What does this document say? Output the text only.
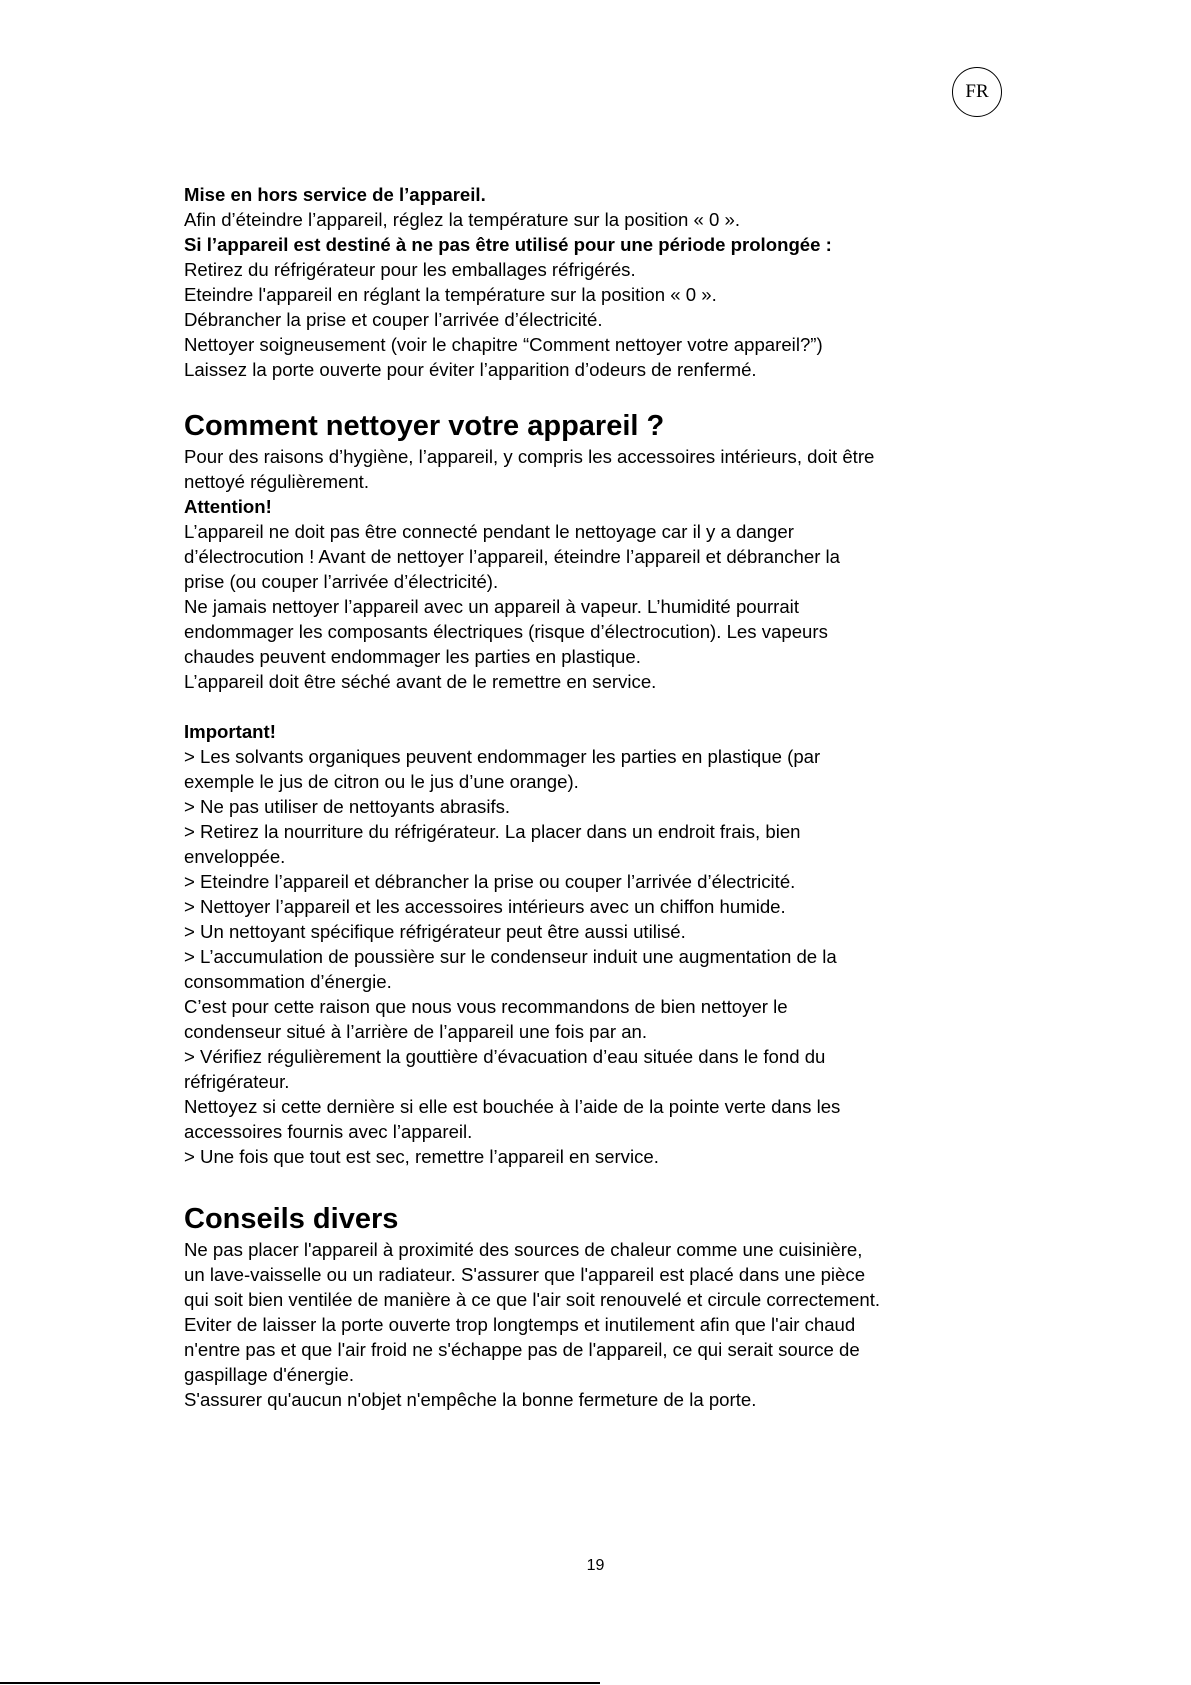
FR
Mise en hors service de l’appareil.
Afin d’éteindre l’appareil, réglez la température sur la position « 0 ».
Si l’appareil est destiné à ne pas être utilisé pour une période prolongée :
Retirez du réfrigérateur pour les emballages réfrigérés.
Eteindre l'appareil en réglant la température sur la position « 0 ».
Débrancher la prise et couper l’arrivée d’électricité.
Nettoyer soigneusement (voir le chapitre “Comment nettoyer votre appareil?”)
Laissez la porte ouverte pour éviter l’apparition d’odeurs de renfermé.
Comment nettoyer votre appareil ?
Pour des raisons d’hygiène, l’appareil, y compris les accessoires intérieurs, doit être
nettoyé régulièrement.
Attention!
L’appareil ne doit pas être connecté pendant le nettoyage car il y a danger
d’électrocution ! Avant de nettoyer l’appareil, éteindre l’appareil et débrancher la
prise (ou couper l’arrivée d’électricité).
Ne jamais nettoyer l’appareil avec un appareil à vapeur. L’humidité pourrait
endommager les composants électriques (risque d’électrocution). Les vapeurs
chaudes peuvent endommager les parties en plastique.
L’appareil doit être séché avant de le remettre en service.
Important!
> Les solvants organiques peuvent endommager les parties en plastique (par
exemple le jus de citron ou le jus d’une orange).
> Ne pas utiliser de nettoyants abrasifs.
> Retirez la nourriture du réfrigérateur. La placer dans un endroit frais, bien
enveloppée.
> Eteindre l’appareil et débrancher la prise ou couper l’arrivée d’électricité.
> Nettoyer l’appareil et les accessoires intérieurs avec un chiffon humide.
> Un nettoyant spécifique réfrigérateur peut être aussi utilisé.
> L’accumulation de poussière sur le condenseur induit une augmentation de la
consommation d’énergie.
C’est pour cette raison que nous vous recommandons de bien nettoyer le
condenseur situé à l’arrière de l’appareil une fois par an.
> Vérifiez régulièrement la gouttière d’évacuation d’eau située dans le fond du
réfrigérateur.
Nettoyez si cette dernière si elle est bouchée à l’aide de la pointe verte dans les
accessoires fournis avec l’appareil.
> Une fois que tout est sec, remettre l’appareil en service.
Conseils divers
Ne pas placer l'appareil à proximité des sources de chaleur comme une cuisinière,
un lave-vaisselle ou un radiateur. S'assurer que l'appareil est placé dans une pièce
qui soit bien ventilée de manière à ce que l'air soit renouvelé et circule correctement.
Eviter de laisser la porte ouverte trop longtemps et inutilement afin que l'air chaud
n'entre pas et que l'air froid ne s'échappe pas de l'appareil, ce qui serait source de
gaspillage d'énergie.
S'assurer qu'aucun n'objet n'empêche la bonne fermeture de la porte.
19
